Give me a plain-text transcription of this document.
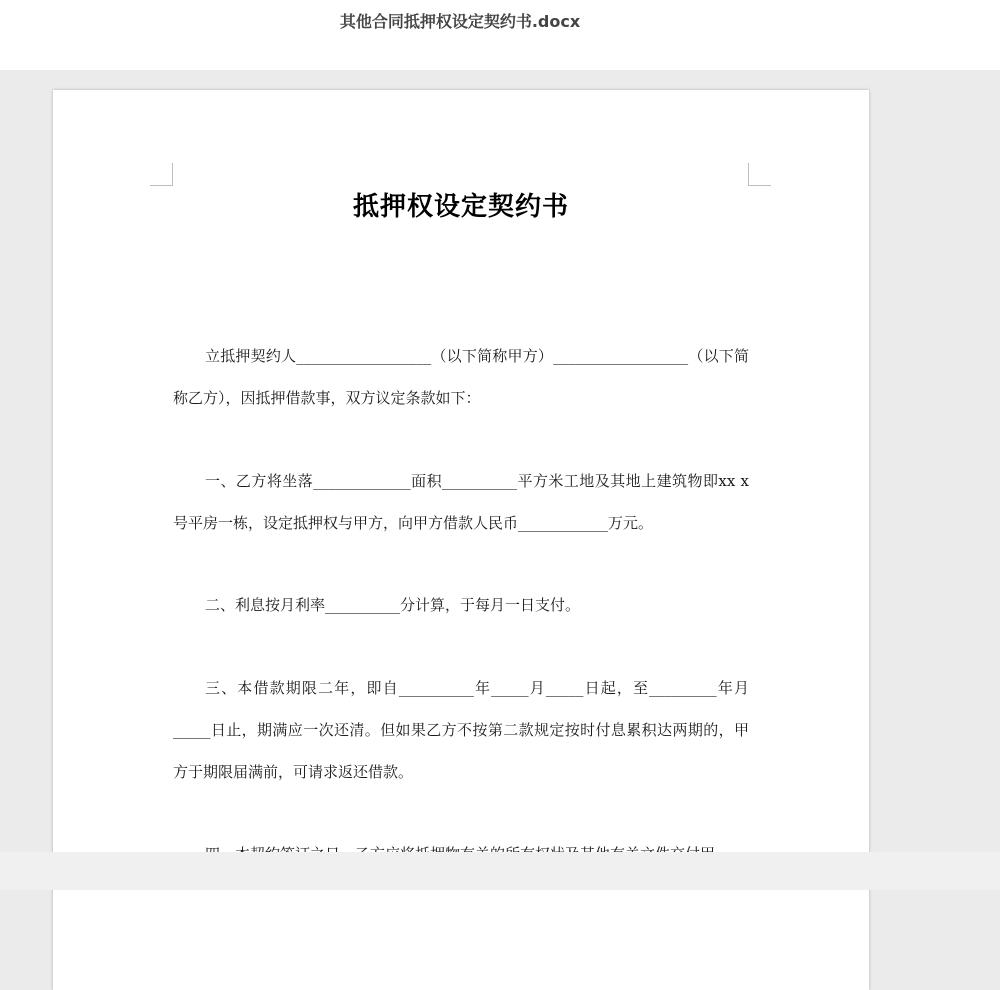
其他合同抵押权设定契约书.docx
抵押权设定契约书

立抵押契约人__________________（以下简称甲方）__________________（以下简称乙方），因抵押借款事，双方议定条款如下：

一、乙方将坐落_____________面积__________平方米工地及其地上建筑物即xx x号平房一栋，设定抵押权与甲方，向甲方借款人民币____________万元。

二、利息按月利率__________分计算，于每月一日支付。

三、本借款期限二年，即自__________年_____月_____日起，至_________年月_____日止，期满应一次还清。但如果乙方不按第二款规定按时付息累积达两期的，甲方于期限届满前，可请求返还借款。
